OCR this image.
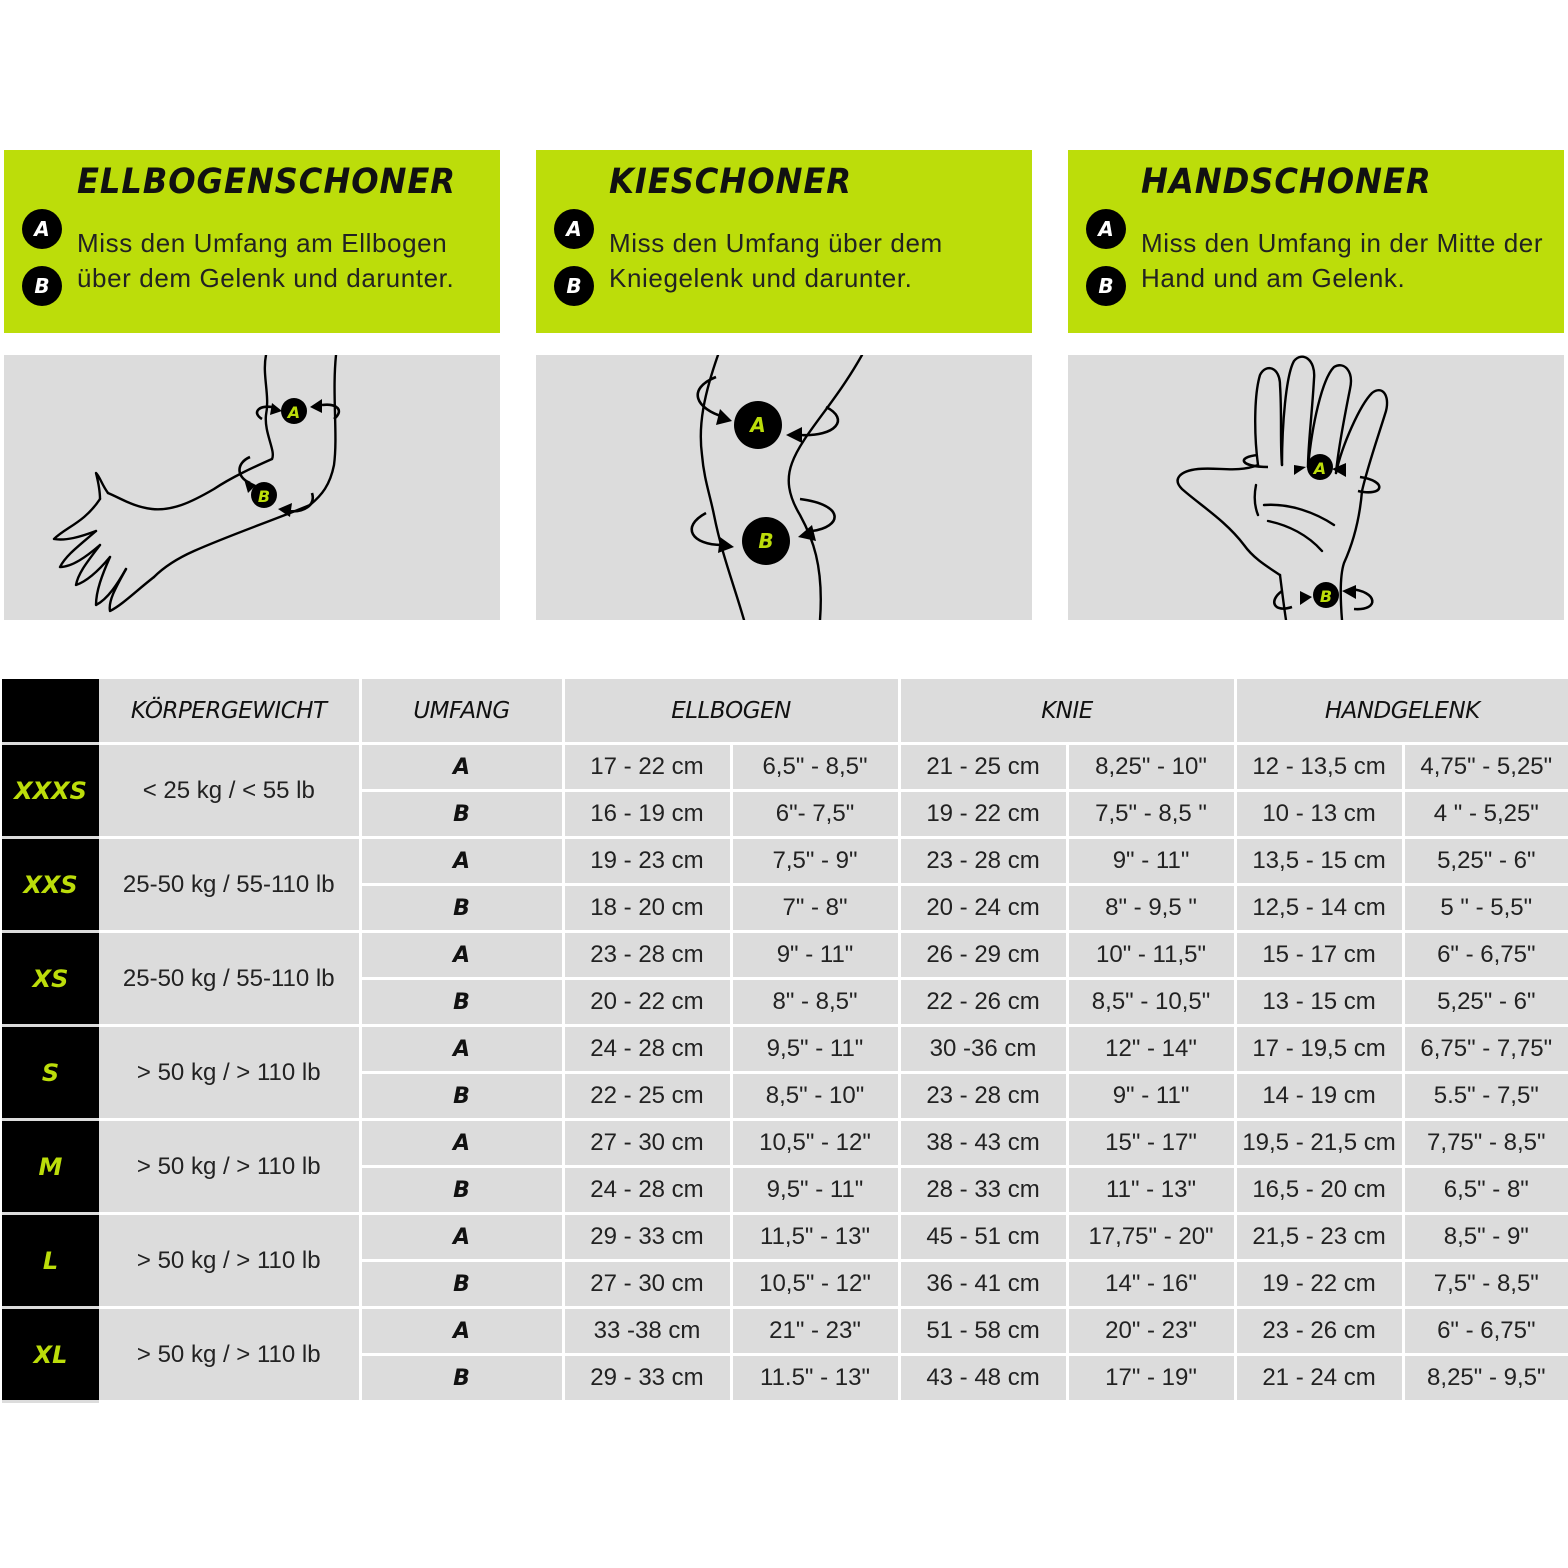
ELLBOGENSCHONER
A
B
Miss den Umfang am Ellbogen
über dem Gelenk und darunter.
KIESCHONER
A
B
Miss den Umfang über dem
Kniegelenk und darunter.
HANDSCHONER
A
B
Miss den Umfang in der Mitte der
Hand und am Gelenk.
A
B
A
B
A
B
	KÖRPERGEWICHT	UMFANG	ELLBOGEN		KNIE		HANDGELENK	
XXXS	< 25 kg / < 55 lb	A	17 - 22 cm	6,5" - 8,5"	21 - 25 cm	8,25" - 10"	12 - 13,5 cm	4,75" - 5,25"
		B	16 - 19 cm	6"- 7,5"	19 - 22 cm	7,5" - 8,5 "	10 - 13 cm	4 " - 5,25"
XXS	25-50 kg / 55-110 lb	A	19 - 23 cm	7,5" - 9"	23 - 28 cm	9" - 11"	13,5 - 15 cm	5,25" - 6"
		B	18 - 20 cm	7" - 8"	20 - 24 cm	8" - 9,5 "	12,5 - 14 cm	5 " - 5,5"
XS	25-50 kg / 55-110 lb	A	23 - 28 cm	9" - 11"	26 - 29 cm	10" - 11,5"	15 - 17 cm	6" - 6,75"
		B	20 - 22 cm	8" - 8,5"	22 - 26 cm	8,5" - 10,5"	13 - 15 cm	5,25" - 6"
S	> 50 kg / > 110 lb	A	24 - 28 cm	9,5" - 11"	30 -36 cm	12" - 14"	17 - 19,5 cm	6,75" - 7,75"
		B	22 - 25 cm	8,5" - 10"	23 - 28 cm	9" - 11"	14 - 19 cm	5.5" - 7,5"
M	> 50 kg / > 110 lb	A	27 - 30 cm	10,5" - 12"	38 - 43 cm	15" - 17"	19,5 - 21,5 cm	7,75" - 8,5"
		B	24 - 28 cm	9,5" - 11"	28 - 33 cm	11" - 13"	16,5 - 20 cm	6,5" - 8"
L	> 50 kg / > 110 lb	A	29 - 33 cm	11,5" - 13"	45 - 51 cm	17,75" - 20"	21,5 - 23 cm	8,5" - 9"
		B	27 - 30 cm	10,5" - 12"	36 - 41 cm	14" - 16"	19 - 22 cm	7,5" - 8,5"
XL	> 50 kg / > 110 lb	A	33 -38 cm	21" - 23"	51 - 58 cm	20" - 23"	23 - 26 cm	6" - 6,75"
		B	29 - 33 cm	11.5" - 13"	43 - 48 cm	17" - 19"	21 - 24 cm	8,25" - 9,5"
